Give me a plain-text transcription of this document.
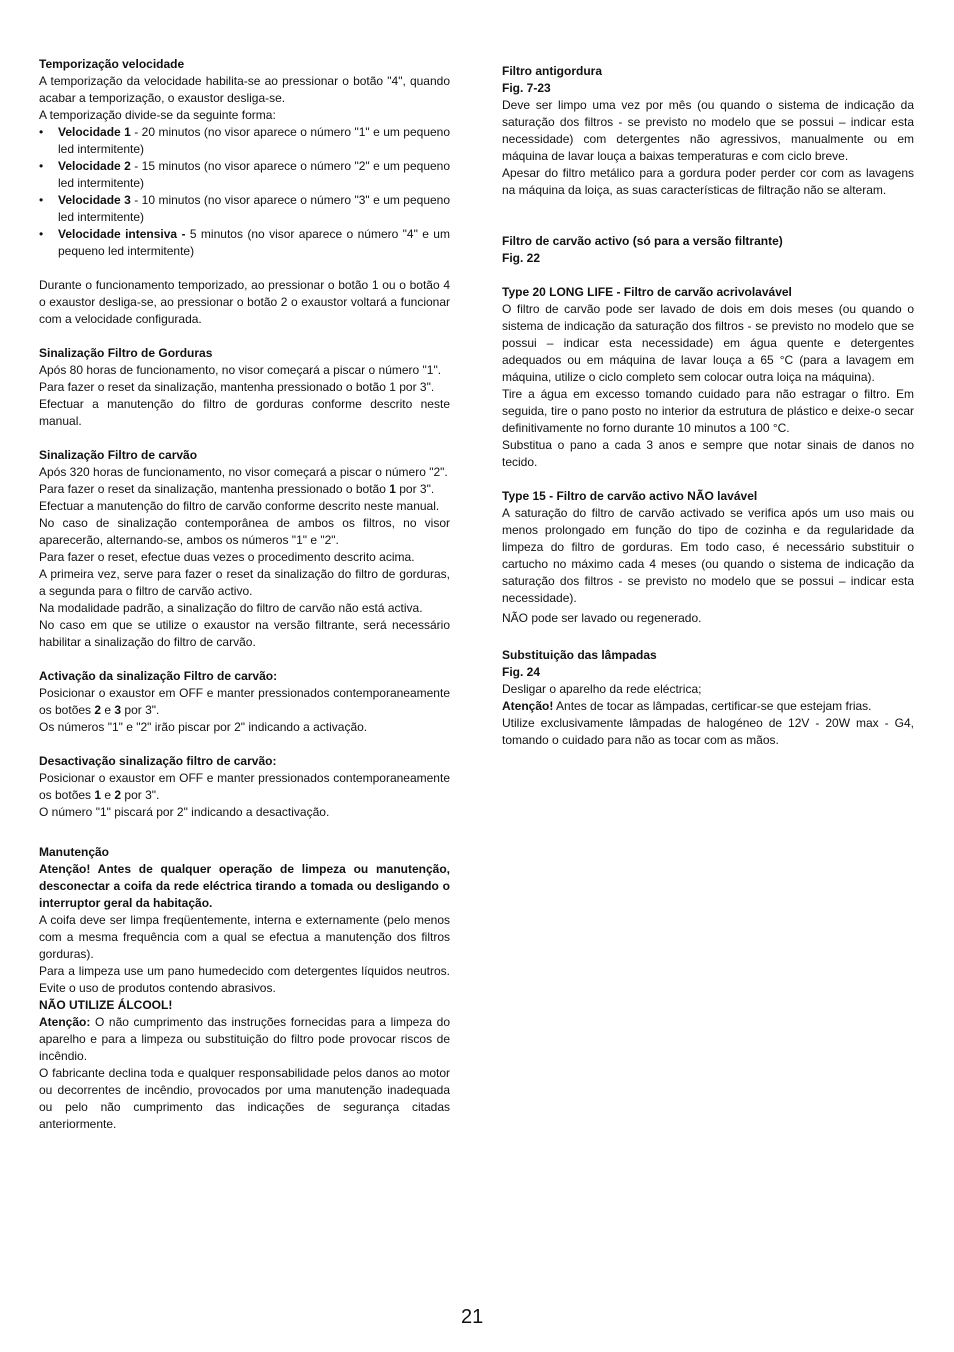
Temporização velocidade

A temporização da velocidade habilita-se ao pressionar o botão "4", quando acabar a temporização, o exaustor desliga-se.

A temporização divide-se da seguinte forma:

•	Velocidade 1 - 20 minutos (no visor aparece o número "1" e um pequeno led intermitente)
•	Velocidade 2 - 15 minutos (no visor aparece o número "2" e um pequeno led intermitente)
•	Velocidade 3 - 10 minutos (no visor aparece o número "3" e um pequeno led intermitente)
•	Velocidade intensiva - 5 minutos (no visor aparece o número "4" e um pequeno led intermitente)

Durante o funcionamento temporizado, ao pressionar o botão 1 ou o botão 4 o exaustor desliga-se, ao pressionar o botão 2 o exaustor voltará a funcionar com a velocidade configurada.

Sinalização Filtro de Gorduras

Após 80 horas de funcionamento, no visor começará a piscar o número "1".

Para fazer o reset da sinalização, mantenha pressionado o botão 1 por 3".

Efectuar a manutenção do filtro de gorduras conforme descrito neste manual.

Sinalização Filtro de carvão

Após 320 horas de funcionamento, no visor começará a piscar o número "2".

Para fazer o reset da sinalização, mantenha pressionado o botão 1 por 3".

Efectuar a manutenção do filtro de carvão conforme descrito neste manual.

No caso de sinalização contemporânea de ambos os filtros, no visor aparecerão, alternando-se, ambos os números "1" e "2".

Para fazer o reset, efectue duas vezes o procedimento descrito acima.

A primeira vez, serve para fazer o reset da sinalização do filtro de gorduras, a segunda para o filtro de carvão activo.

Na modalidade padrão, a sinalização do filtro de carvão não está activa.

No caso em que se utilize o exaustor na versão filtrante, será necessário habilitar a sinalização do filtro de carvão.

Activação da sinalização Filtro de carvão:

Posicionar o exaustor em OFF e manter pressionados contemporaneamente os botões 2 e 3 por 3".

Os números "1" e "2" irão piscar por 2" indicando a activação.

Desactivação sinalização filtro de carvão:

Posicionar o exaustor em OFF e manter pressionados contemporaneamente os botões 1 e 2 por 3".

O número "1" piscará por 2" indicando a desactivação.

Manutenção

Atenção! Antes de qualquer operação de limpeza ou manutenção, desconectar a coifa da rede eléctrica tirando a tomada ou desligando o interruptor geral da habitação.

A coifa deve ser limpa freqüentemente, interna e externamente (pelo menos com a mesma frequência com a qual se efectua a manutenção dos filtros gorduras).

Para a limpeza use um pano humedecido com detergentes líquidos neutros. Evite o uso de produtos contendo abrasivos.

NÃO UTILIZE ÁLCOOL!

Atenção: O não cumprimento das instruções fornecidas para a limpeza do aparelho e para a limpeza ou substituição do filtro pode provocar riscos de incêndio.

O fabricante declina toda e qualquer responsabilidade pelos danos ao motor ou decorrentes de incêndio, provocados por uma manutenção inadequada ou pelo não cumprimento das indicações de segurança citadas anteriormente.

Filtro antigordura

Fig. 7-23

Deve ser limpo uma vez por mês (ou quando o sistema de indicação da saturação dos filtros - se previsto no modelo que se possui – indicar esta necessidade) com detergentes não agressivos, manualmente ou em máquina de lavar louça a baixas temperaturas e com ciclo breve.

Apesar do filtro metálico para a gordura poder perder cor com as lavagens na máquina da loiça, as suas características de filtração não se alteram.

Filtro de carvão activo (só para a versão filtrante)

Fig. 22

Type 20 LONG LIFE - Filtro de carvão acrivolavável

O filtro de carvão pode ser lavado de dois em dois meses (ou quando o sistema de indicação da saturação dos filtros - se previsto no modelo que se possui – indicar esta necessidade) em água quente e detergentes adequados ou em máquina de lavar louça a 65 °C (para a lavagem em máquina, utilize o ciclo completo sem colocar outra loiça na máquina).

Tire a água em excesso tomando cuidado para não estragar o filtro. Em seguida, tire o pano posto no interior da estrutura de plástico e deixe-o secar definitivamente no forno durante 10 minutos a 100 °C.

Substitua o pano a cada 3 anos e sempre que notar sinais de danos no tecido.

Type 15 - Filtro de carvão activo NÃO lavável

A saturação do filtro de carvão activado se verifica após um uso mais ou menos prolongado em função do tipo de cozinha e da regularidade da limpeza do filtro de gorduras. Em todo caso, é necessário substituir o cartucho no máximo cada 4 meses (ou quando o sistema de indicação da saturação dos filtros - se previsto no modelo que se possui – indicar esta necessidade).

NÃO pode ser lavado ou regenerado.

Substituição das lâmpadas

Fig. 24

Desligar o aparelho da rede eléctrica;

Atenção! Antes de tocar as lâmpadas, certificar-se que estejam frias.

Utilize exclusivamente lâmpadas de halogéneo de 12V - 20W max - G4, tomando o cuidado para não as tocar com as mãos.

21
